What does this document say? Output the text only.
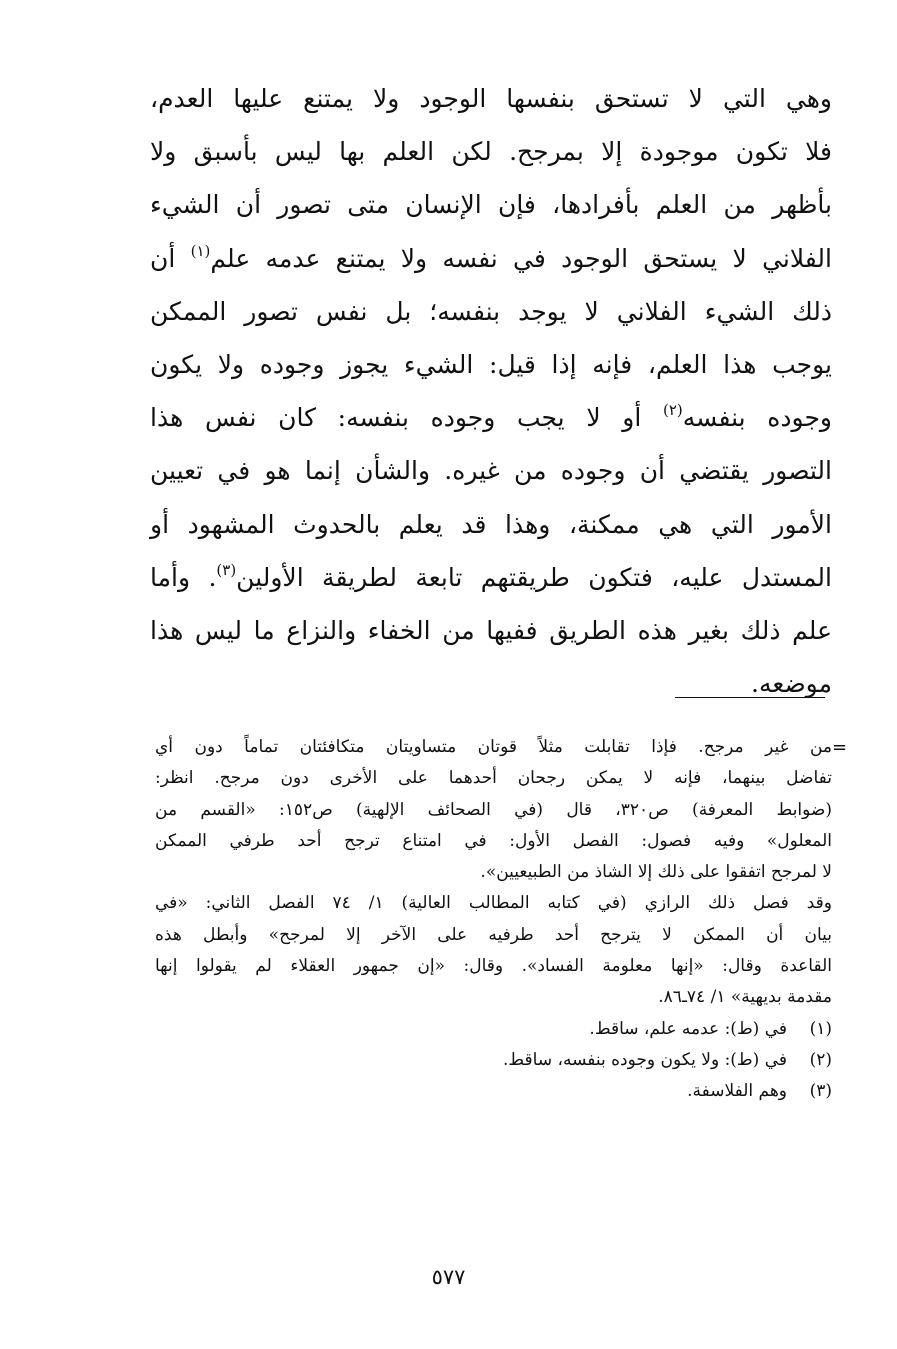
وهي التي لا تستحق بنفسها الوجود ولا يمتنع عليها العدم،
فلا تكون موجودة إلا بمرجح. لكن العلم بها ليس بأسبق ولا
بأظهر من العلم بأفرادها، فإن الإنسان متى تصور أن الشيء
الفلاني لا يستحق الوجود في نفسه ولا يمتنع عدمه علم$^{(١)}$ أن
ذلك الشيء الفلاني لا يوجد بنفسه؛ بل نفس تصور الممكن
يوجب هذا العلم، فإنه إذا قيل: الشيء يجوز وجوده ولا يكون
وجوده بنفسه$^{(٢)}$ أو لا يجب وجوده بنفسه: كان نفس هذا
التصور يقتضي أن وجوده من غيره. والشأن إنما هو في تعيين
الأمور التي هي ممكنة، وهذا قد يعلم بالحدوث المشهود أو
المستدل عليه، فتكون طريقتهم تابعة لطريقة الأولين$^{(٣)}$. وأما
علم ذلك بغير هذه الطريق ففيها من الخفاء والنزاع ما ليس هذا
موضعه.
=
من غير مرجح. فإذا تقابلت مثلاً قوتان متساويتان متكافئتان تماماً دون أي
تفاضل بينهما، فإنه لا يمكن رجحان أحدهما على الأخرى دون مرجح. انظر:
(ضوابط المعرفة) ص٣٢٠، قال (في الصحائف الإلهية) ص١٥٢: «القسم من
المعلول» وفيه فصول: الفصل الأول: في امتناع ترجح أحد طرفي الممكن
لا لمرجح اتفقوا على ذلك إلا الشاذ من الطبيعيين».
وقد فصل ذلك الرازي (في كتابه المطالب العالية) ١/ ٧٤ الفصل الثاني: «في
بيان أن الممكن لا يترجح أحد طرفيه على الآخر إلا لمرجح» وأبطل هذه
القاعدة وقال: «إنها معلومة الفساد». وقال: «إن جمهور العقلاء لم يقولوا إنها
مقدمة بديهية» ١/ ٧٤ـ٨٦.
(١)في (ط): عدمه علم، ساقط.
(٢)في (ط): ولا يكون وجوده بنفسه، ساقط.
(٣)وهم الفلاسفة.
٥٧٧
